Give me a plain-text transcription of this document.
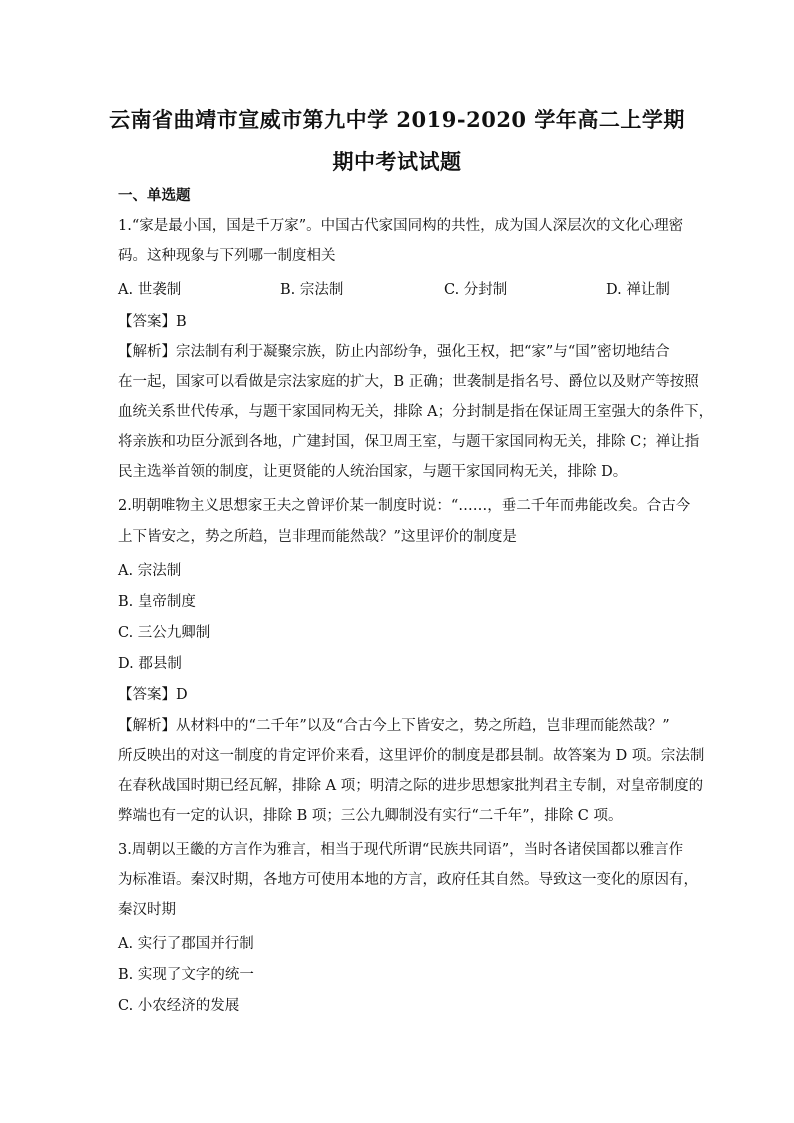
云南省曲靖市宣威市第九中学 2019-2020 学年高二上学期
期中考试试题
一、单选题
1.“家是最小国，国是千万家”。中国古代家国同构的共性，成为国人深层次的文化心理密
码。这种现象与下列哪一制度相关
A. 世袭制	B. 宗法制	C. 分封制	D. 禅让制
【答案】B
【解析】宗法制有利于凝聚宗族，防止内部纷争，强化王权，把“家”与“国”密切地结合
在一起，国家可以看做是宗法家庭的扩大，B 正确；世袭制是指名号、爵位以及财产等按照
血统关系世代传承，与题干家国同构无关，排除 A；分封制是指在保证周王室强大的条件下，
将亲族和功臣分派到各地，广建封国，保卫周王室，与题干家国同构无关，排除 C；禅让指
民主选举首领的制度，让更贤能的人统治国家，与题干家国同构无关，排除 D。
2.明朝唯物主义思想家王夫之曾评价某一制度时说：“……，垂二千年而弗能改矣。合古今
上下皆安之，势之所趋，岂非理而能然哉？”这里评价的制度是
A. 宗法制
B. 皇帝制度
C. 三公九卿制
D. 郡县制
【答案】D
【解析】从材料中的“二千年”以及“合古今上下皆安之，势之所趋，岂非理而能然哉？”
所反映出的对这一制度的肯定评价来看，这里评价的制度是郡县制。故答案为 D 项。宗法制
在春秋战国时期已经瓦解，排除 A 项；明清之际的进步思想家批判君主专制，对皇帝制度的
弊端也有一定的认识，排除 B 项；三公九卿制没有实行“二千年”，排除 C 项。
3.周朝以王畿的方言作为雅言，相当于现代所谓“民族共同语”，当时各诸侯国都以雅言作
为标准语。秦汉时期，各地方可使用本地的方言，政府任其自然。导致这一变化的原因有，
秦汉时期
A. 实行了郡国并行制
B. 实现了文字的统一
C. 小农经济的发展
